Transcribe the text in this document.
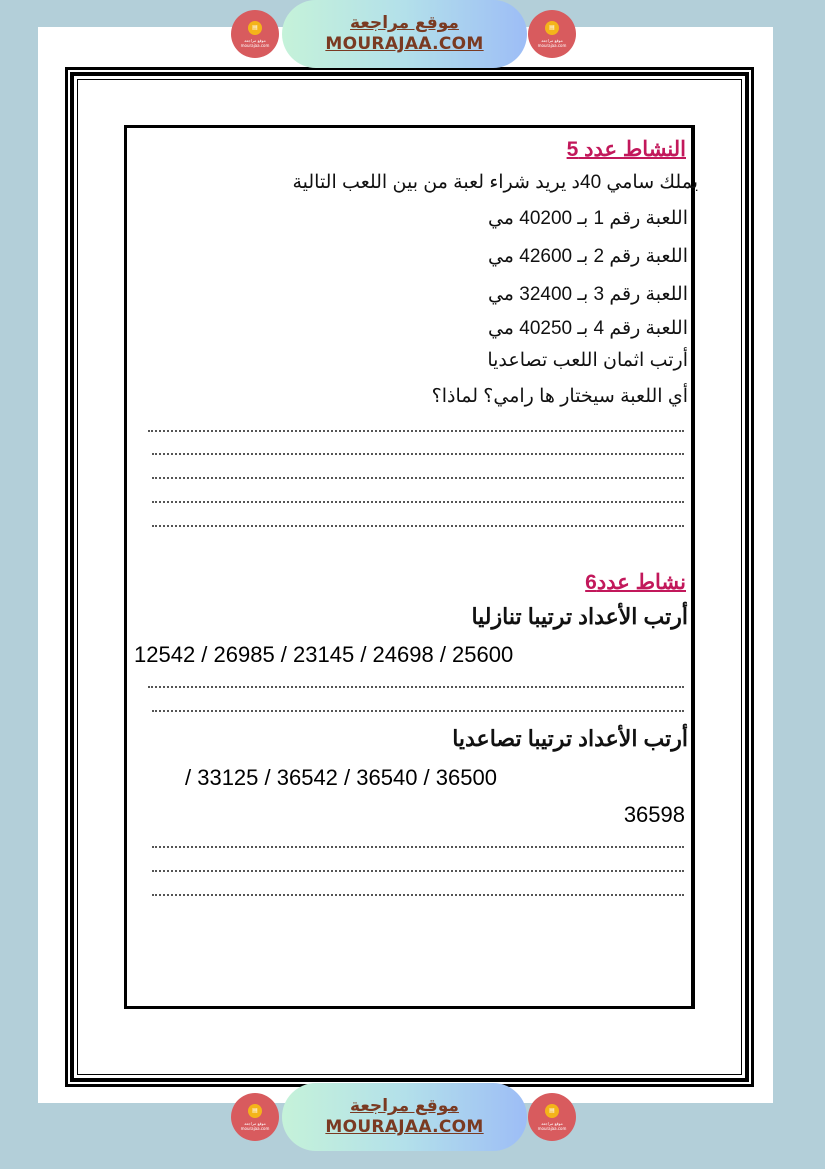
▤
موقع مراجعة mourajaa.com
موقع مراجعة
MOURAJAA.COM
▤
موقع مراجعة mourajaa.com
النشاط عدد 5
يملك سامي 40د يريد شراء لعبة من بين اللعب التالية
اللعبة رقم 1 بـ 40200 مي
اللعبة رقم 2 بـ 42600 مي
اللعبة رقم 3 بـ 32400 مي
اللعبة رقم 4 بـ 40250 مي
أرتب اثمان اللعب تصاعديا
أي اللعبة سيختار ها رامي؟ لماذا؟
نشاط عدد6
أرتب الأعداد ترتيبا تنازليا
12542 / 26985 / 23145 / 24698 / 25600
أرتب الأعداد ترتيبا تصاعديا
/ 33125 / 36542 / 36540 / 36500
36598
▤
موقع مراجعة mourajaa.com
موقع مراجعة
MOURAJAA.COM
▤
موقع مراجعة mourajaa.com
